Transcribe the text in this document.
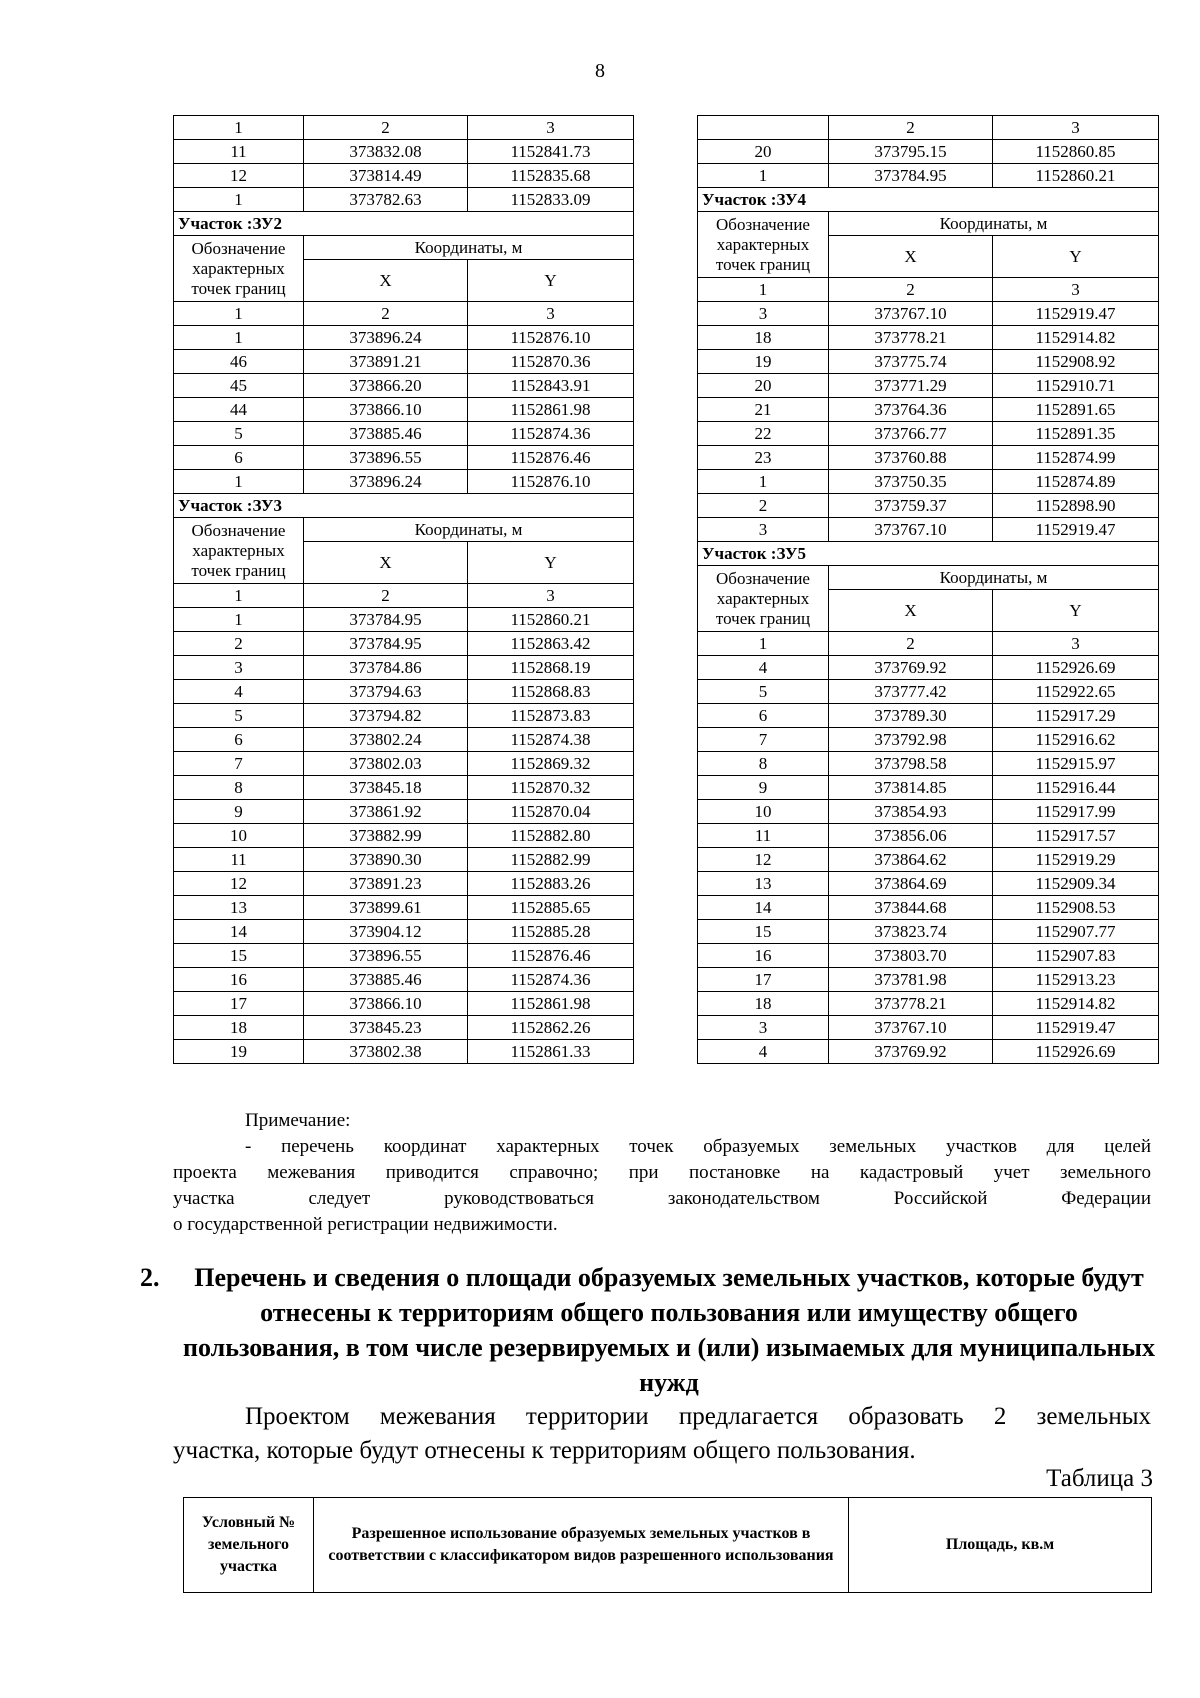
8
1	2	3
11	373832.08	1152841.73
12	373814.49	1152835.68
1	373782.63	1152833.09
Участок :ЗУ2		
Обозначение характерных точек границ	Координаты, м	
	X	Y
1	2	3
1	373896.24	1152876.10
46	373891.21	1152870.36
45	373866.20	1152843.91
44	373866.10	1152861.98
5	373885.46	1152874.36
6	373896.55	1152876.46
1	373896.24	1152876.10
Участок :ЗУ3		
Обозначение характерных точек границ	Координаты, м	
	X	Y
1	2	3
1	373784.95	1152860.21
2	373784.95	1152863.42
3	373784.86	1152868.19
4	373794.63	1152868.83
5	373794.82	1152873.83
6	373802.24	1152874.38
7	373802.03	1152869.32
8	373845.18	1152870.32
9	373861.92	1152870.04
10	373882.99	1152882.80
11	373890.30	1152882.99
12	373891.23	1152883.26
13	373899.61	1152885.65
14	373904.12	1152885.28
15	373896.55	1152876.46
16	373885.46	1152874.36
17	373866.10	1152861.98
18	373845.23	1152862.26
19	373802.38	1152861.33
	2	3
20	373795.15	1152860.85
1	373784.95	1152860.21
Участок :ЗУ4		
Обозначение характерных точек границ	Координаты, м	
	X	Y
1	2	3
3	373767.10	1152919.47
18	373778.21	1152914.82
19	373775.74	1152908.92
20	373771.29	1152910.71
21	373764.36	1152891.65
22	373766.77	1152891.35
23	373760.88	1152874.99
1	373750.35	1152874.89
2	373759.37	1152898.90
3	373767.10	1152919.47
Участок :ЗУ5		
Обозначение характерных точек границ	Координаты, м	
	X	Y
1	2	3
4	373769.92	1152926.69
5	373777.42	1152922.65
6	373789.30	1152917.29
7	373792.98	1152916.62
8	373798.58	1152915.97
9	373814.85	1152916.44
10	373854.93	1152917.99
11	373856.06	1152917.57
12	373864.62	1152919.29
13	373864.69	1152909.34
14	373844.68	1152908.53
15	373823.74	1152907.77
16	373803.70	1152907.83
17	373781.98	1152913.23
18	373778.21	1152914.82
3	373767.10	1152919.47
4	373769.92	1152926.69
Примечание:
- перечень координат характерных точек образуемых земельных участков для целей
проекта межевания приводится справочно; при постановке на кадастровый учет земельного
участка следует руководствоваться законодательством Российской Федерации
о государственной регистрации недвижимости.
2.	Перечень и сведения о площади образуемых земельных участков, которые будут отнесены к территориям общего пользования или имуществу общего пользования, в том числе резервируемых и (или) изымаемых для муниципальных нужд
Проектом межевания территории предлагается образовать 2 земельных
участка, которые будут отнесены к территориям общего пользования.
Таблица 3
Условный № земельного участка	Разрешенное использование образуемых земельных участков в соответствии с классификатором видов разрешенного использования	Площадь, кв.м
